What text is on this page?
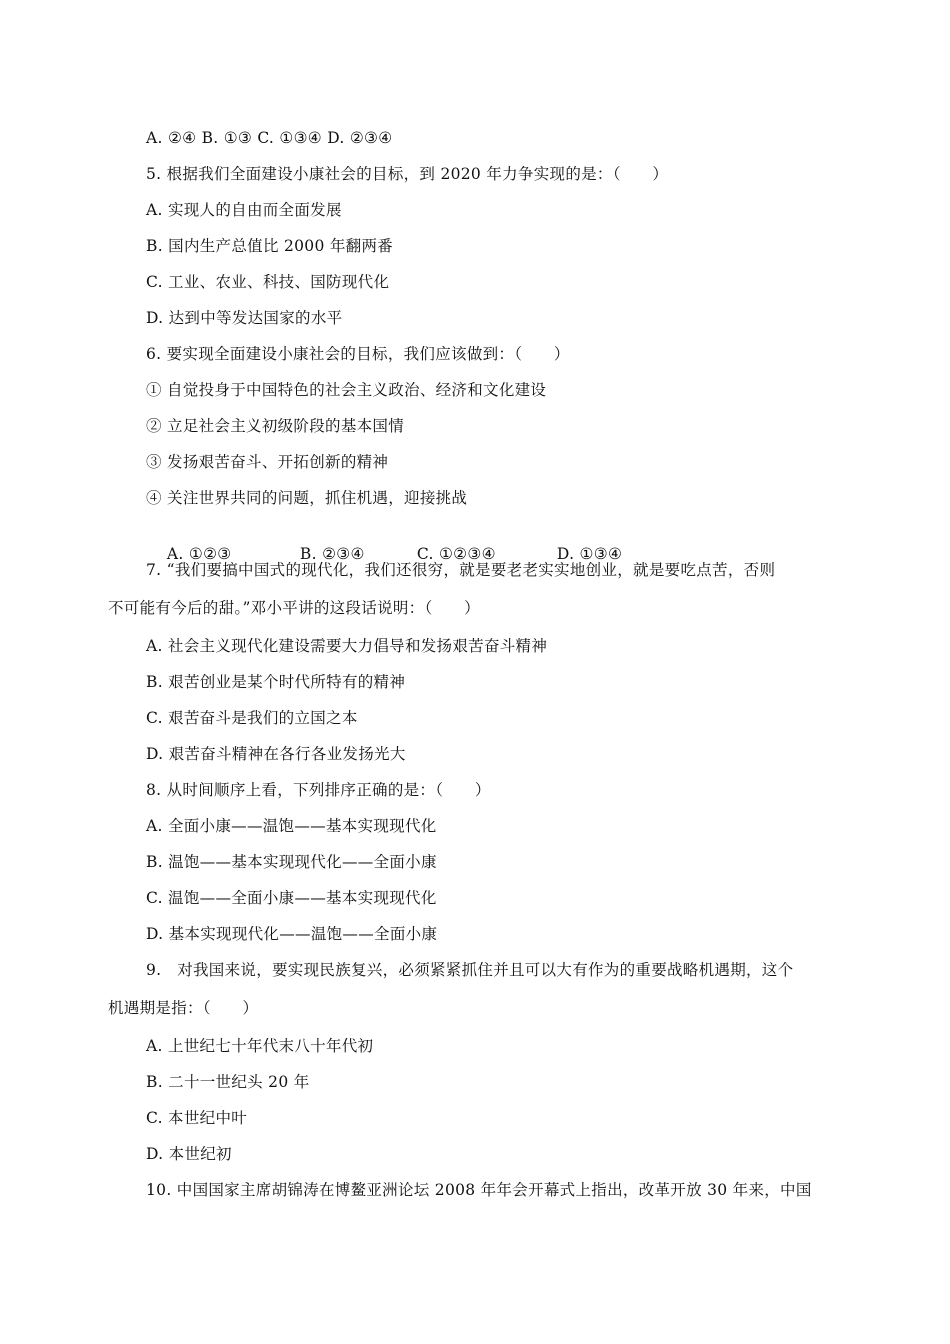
A. ②④ B. ①③ C. ①③④ D. ②③④
5. 根据我们全面建设小康社会的目标，到 2020 年力争实现的是：（　　）
A. 实现人的自由而全面发展
B. 国内生产总值比 2000 年翻两番
C. 工业、农业、科技、国防现代化
D. 达到中等发达国家的水平
6. 要实现全面建设小康社会的目标，我们应该做到：（　　）
① 自觉投身于中国特色的社会主义政治、经济和文化建设
② 立足社会主义初级阶段的基本国情
③ 发扬艰苦奋斗、开拓创新的精神
④ 关注世界共同的问题，抓住机遇，迎接挑战

A. ①②③	B. ②③④	C. ①②③④	D. ①③④

7. “我们要搞中国式的现代化，我们还很穷，就是要老老实实地创业，就是要吃点苦，否则
不可能有今后的甜。”邓小平讲的这段话说明：（　　）
A. 社会主义现代化建设需要大力倡导和发扬艰苦奋斗精神
B. 艰苦创业是某个时代所特有的精神
C. 艰苦奋斗是我们的立国之本
D. 艰苦奋斗精神在各行各业发扬光大
8. 从时间顺序上看，下列排序正确的是：（　　）
A. 全面小康——温饱——基本实现现代化
B. 温饱——基本实现现代化——全面小康
C. 温饱——全面小康——基本实现现代化
D. 基本实现现代化——温饱——全面小康
9.　对我国来说，要实现民族复兴，必须紧紧抓住并且可以大有作为的重要战略机遇期，这个
机遇期是指：（　　）
A. 上世纪七十年代末八十年代初
B. 二十一世纪头 20 年
C. 本世纪中叶
D. 本世纪初
10. 中国国家主席胡锦涛在博鳌亚洲论坛 2008 年年会开幕式上指出，改革开放 30 年来，中国
